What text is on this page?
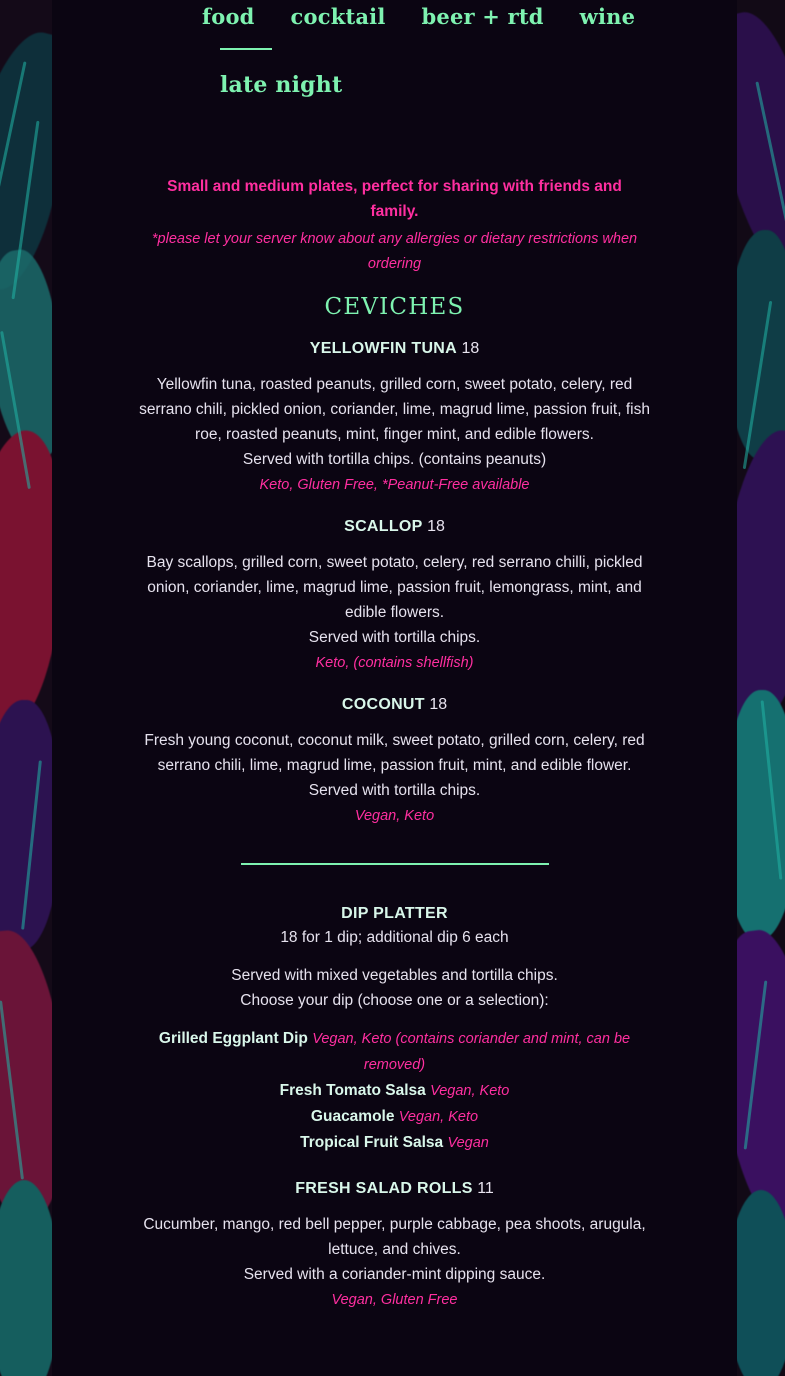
food cocktail beer + rtd wine
late night
Small and medium plates, perfect for sharing with friends and family.
*please let your server know about any allergies or dietary restrictions when ordering
CEVICHES
YELLOWFIN TUNA 18
Yellowfin tuna, roasted peanuts, grilled corn, sweet potato, celery, red serrano chili, pickled onion, coriander, lime, magrud lime, passion fruit, fish roe, roasted peanuts, mint, finger mint, and edible flowers.
Served with tortilla chips. (contains peanuts)
Keto, Gluten Free, *Peanut-Free available
SCALLOP 18
Bay scallops, grilled corn, sweet potato, celery, red serrano chilli, pickled onion, coriander, lime, magrud lime, passion fruit, lemongrass, mint, and edible flowers.
Served with tortilla chips.
Keto, (contains shellfish)
COCONUT 18
Fresh young coconut, coconut milk, sweet potato, grilled corn, celery, red serrano chili, lime, magrud lime, passion fruit, mint, and edible flower.
Served with tortilla chips.
Vegan, Keto
DIP PLATTER
18 for 1 dip; additional dip 6 each
Served with mixed vegetables and tortilla chips.
Choose your dip (choose one or a selection):
Grilled Eggplant Dip Vegan, Keto (contains coriander and mint, can be removed)
Fresh Tomato Salsa Vegan, Keto
Guacamole Vegan, Keto
Tropical Fruit Salsa Vegan
FRESH SALAD ROLLS 11
Cucumber, mango, red bell pepper, purple cabbage, pea shoots, arugula, lettuce, and chives.
Served with a coriander-mint dipping sauce.
Vegan, Gluten Free
